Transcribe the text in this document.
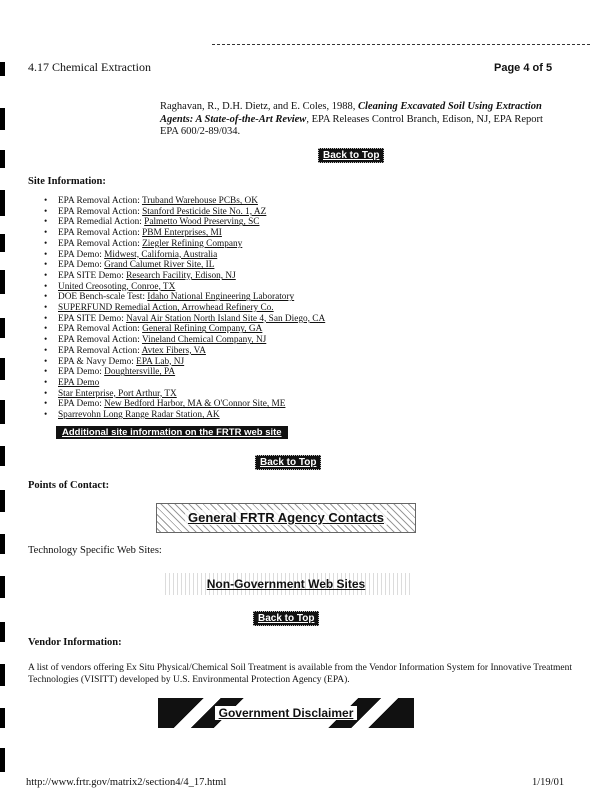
4.17 Chemical Extraction	Page 4 of 5
Raghavan, R., D.H. Dietz, and E. Coles, 1988, Cleaning Excavated Soil Using Extraction Agents: A State-of-the-Art Review, EPA Releases Control Branch, Edison, NJ, EPA Report EPA 600/2-89/034.
Back to Top
Site Information:
• EPA Removal Action: Truband Warehouse PCBs, OK
• EPA Removal Action: Stanford Pesticide Site No. 1, AZ
• EPA Remedial Action: Palmetto Wood Preserving, SC
• EPA Removal Action: PBM Enterprises, MI
• EPA Removal Action: Ziegler Refining Company
• EPA Demo: Midwest, California, Australia
• EPA Demo: Grand Calumet River Site, IL
• EPA SITE Demo: Research Facility, Edison, NJ
• United Creosoting, Conroe, TX
• DOE Bench-scale Test: Idaho National Engineering Laboratory
• SUPERFUND Remedial Action, Arrowhead Refinery Co.
• EPA SITE Demo: Naval Air Station North Island Site 4, San Diego, CA
• EPA Removal Action: General Refining Company, GA
• EPA Removal Action: Vineland Chemical Company, NJ
• EPA Removal Action: Avtex Fibers, VA
• EPA & Navy Demo: EPA Lab, NJ
• EPA Demo: Doughtersville, PA
• EPA Demo
• Star Enterprise, Port Arthur, TX
• EPA Demo: New Bedford Harbor, MA & O'Connor Site, ME
• Sparrevohn Long Range Radar Station, AK
Additional site information on the FRTR web site
Back to Top
Points of Contact:
General FRTR Agency Contacts
Technology Specific Web Sites:
Non-Government Web Sites
Back to Top
Vendor Information:
A list of vendors offering Ex Situ Physical/Chemical Soil Treatment is available from the Vendor Information System for Innovative Treatment Technologies (VISITT) developed by U.S. Environmental Protection Agency (EPA).
Government Disclaimer
http://www.frtr.gov/matrix2/section4/4_17.html	1/19/01
